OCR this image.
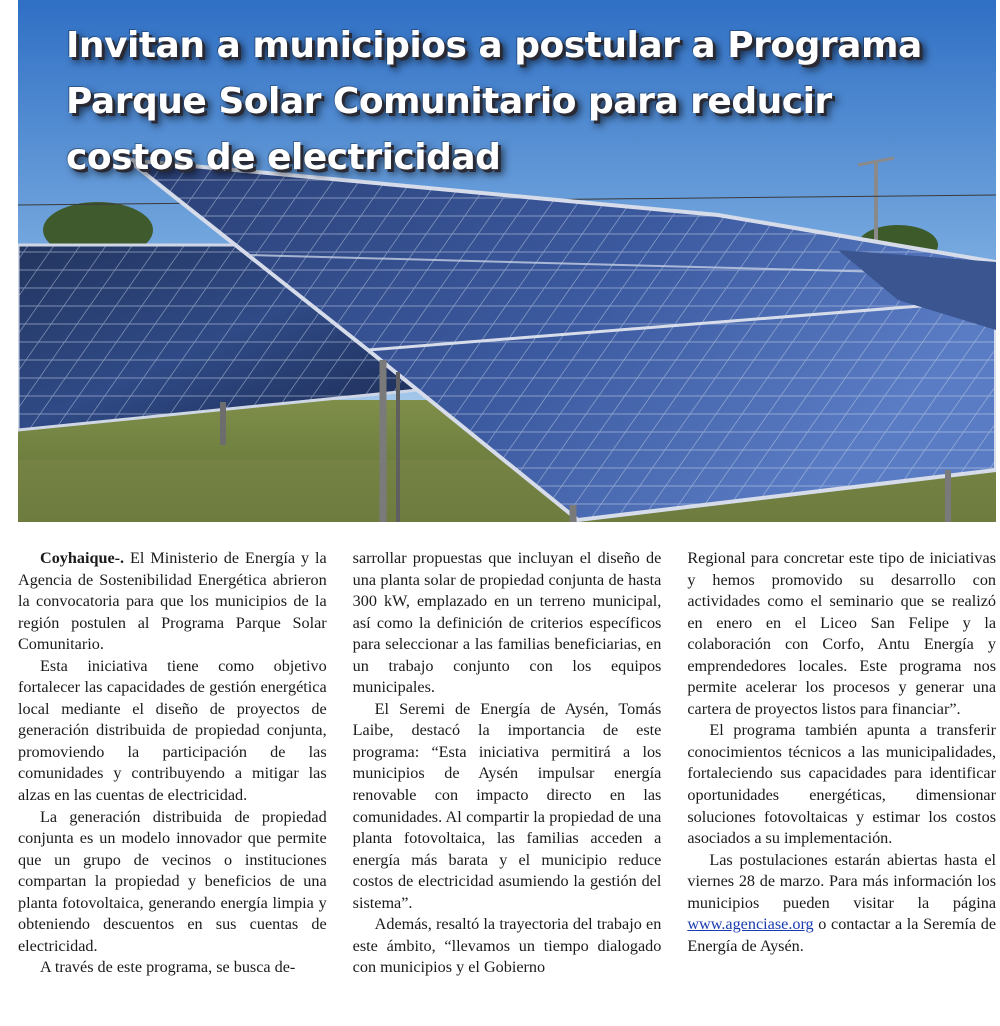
Invitan a municipios a postular a Programa
Parque Solar Comunitario para reducir
costos de electricidad

Coyhaique-. El Ministerio de Energía y la Agencia de Sostenibilidad Energética abrieron la convocatoria para que los municipios de la región postulen al Programa Parque Solar Comunitario.

Esta iniciativa tiene como objetivo fortalecer las capacidades de gestión energética local mediante el diseño de proyectos de generación distribuida de propiedad conjunta, promoviendo la participación de las comunidades y contribuyendo a mitigar las alzas en las cuentas de electricidad.

La generación distribuida de propiedad conjunta es un modelo innovador que permite que un grupo de vecinos o instituciones compartan la propiedad y beneficios de una planta fotovoltaica, generando energía limpia y obteniendo descuentos en sus cuentas de electricidad.

A través de este programa, se busca de-

sarrollar propuestas que incluyan el diseño de una planta solar de propiedad conjunta de hasta 300 kW, emplazado en un terreno municipal, así como la definición de criterios específicos para seleccionar a las familias beneficiarias, en un trabajo conjunto con los equipos municipales.

El Seremi de Energía de Aysén, Tomás Laibe, destacó la importancia de este programa: “Esta iniciativa permitirá a los municipios de Aysén impulsar energía renovable con impacto directo en las comunidades. Al compartir la propiedad de una planta fotovoltaica, las familias acceden a energía más barata y el municipio reduce costos de electricidad asumiendo la gestión del sistema”.

Además, resaltó la trayectoria del trabajo en este ámbito, “llevamos un tiempo dialogado con municipios y el Gobierno

Regional para concretar este tipo de iniciativas y hemos promovido su desarrollo con actividades como el seminario que se realizó en enero en el Liceo San Felipe y la colaboración con Corfo, Antu Energía y emprendedores locales. Este programa nos permite acelerar los procesos y generar una cartera de proyectos listos para financiar”.

El programa también apunta a transferir conocimientos técnicos a las municipalidades, fortaleciendo sus capacidades para identificar oportunidades energéticas, dimensionar soluciones fotovoltaicas y estimar los costos asociados a su implementación.

Las postulaciones estarán abiertas hasta el viernes 28 de marzo. Para más información los municipios pueden visitar la página www.agenciase.org o contactar a la Seremía de Energía de Aysén.
